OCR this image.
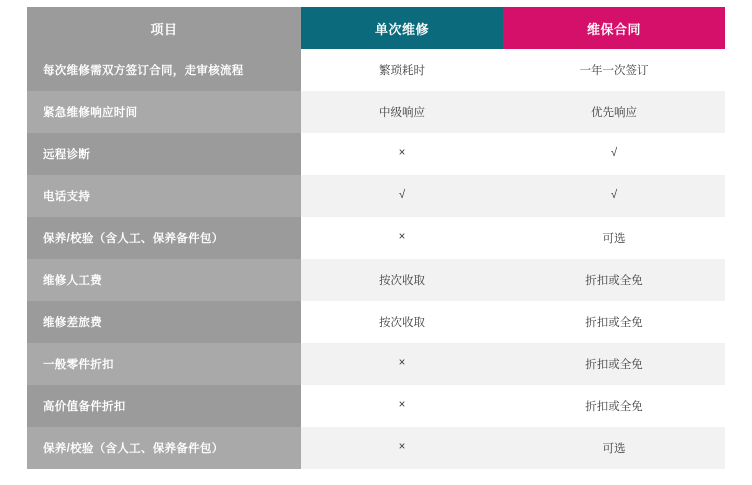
项目	单次维修	维保合同
每次维修需双方签订合同，走审核流程	繁琐耗时	一年一次签订
紧急维修响应时间	中级响应	优先响应
远程诊断	×	√
电话支持	√	√
保养/校验（含人工、保养备件包）	×	可选
维修人工费	按次收取	折扣或全免
维修差旅费	按次收取	折扣或全免
一般零件折扣	×	折扣或全免
高价值备件折扣	×	折扣或全免
保养/校验（含人工、保养备件包）	×	可选
